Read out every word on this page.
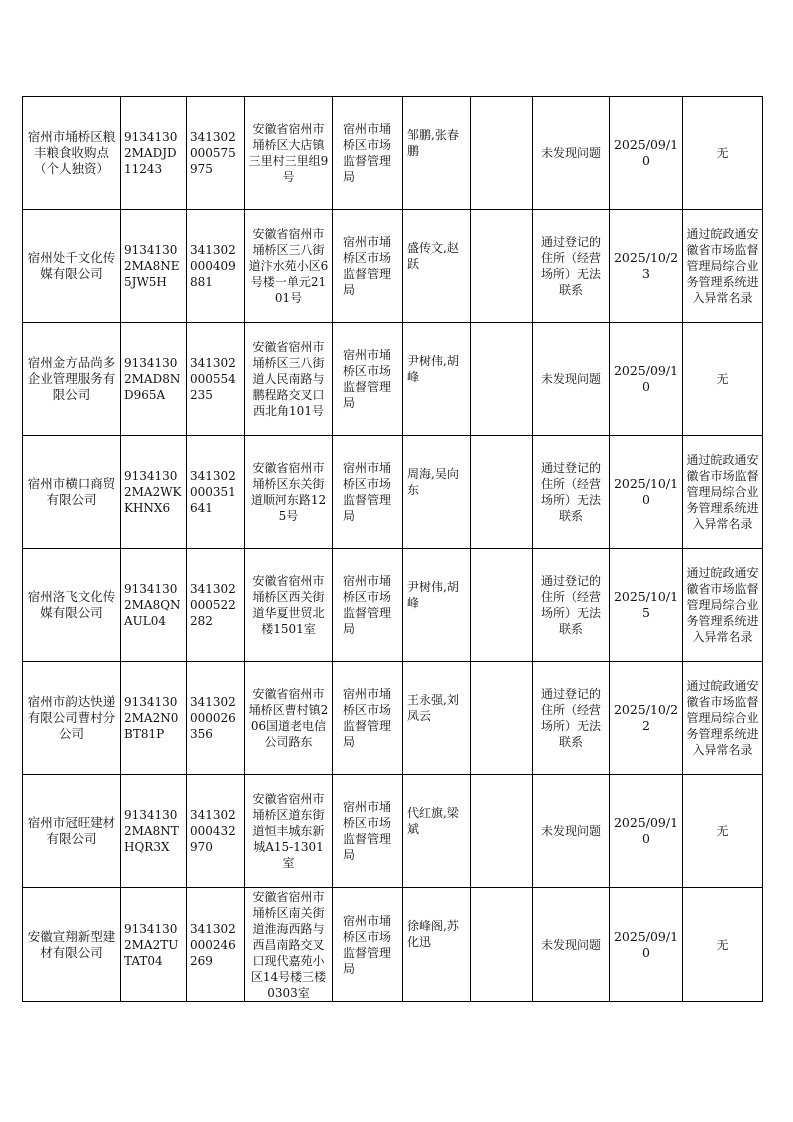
宿州市埇桥区粮丰粮食收购点（个人独资）	91341302MADJD11243	341302000575975	安徽省宿州市埇桥区大店镇三里村三里组9号	宿州市埇桥区市场监督管理局	邹鹏,张春鹏		未发现问题	2025/09/10	无
宿州处千文化传媒有限公司	91341302MA8NE5JW5H	341302000409881	安徽省宿州市埇桥区三八街道汴水苑小区6号楼一单元2101号	宿州市埇桥区市场监督管理局	盛传文,赵跃		通过登记的住所（经营场所）无法联系	2025/10/23	通过皖政通安徽省市场监督管理局综合业务管理系统进入异常名录
宿州金方品尚多企业管理服务有限公司	91341302MAD8ND965A	341302000554235	安徽省宿州市埇桥区三八街道人民南路与鹏程路交叉口西北角101号	宿州市埇桥区市场监督管理局	尹树伟,胡峰		未发现问题	2025/09/10	无
宿州市横口商贸有限公司	91341302MA2WKKHNX6	341302000351641	安徽省宿州市埇桥区东关街道顺河东路125号	宿州市埇桥区市场监督管理局	周海,吴向东		通过登记的住所（经营场所）无法联系	2025/10/10	通过皖政通安徽省市场监督管理局综合业务管理系统进入异常名录
宿州洛飞文化传媒有限公司	91341302MA8QNAUL04	341302000522282	安徽省宿州市埇桥区西关街道华夏世贸北楼1501室	宿州市埇桥区市场监督管理局	尹树伟,胡峰		通过登记的住所（经营场所）无法联系	2025/10/15	通过皖政通安徽省市场监督管理局综合业务管理系统进入异常名录
宿州市韵达快递有限公司曹村分公司	91341302MA2N0BT81P	341302000026356	安徽省宿州市埇桥区曹村镇206国道老电信公司路东	宿州市埇桥区市场监督管理局	王永强,刘凤云		通过登记的住所（经营场所）无法联系	2025/10/22	通过皖政通安徽省市场监督管理局综合业务管理系统进入异常名录
宿州市冠旺建材有限公司	91341302MA8NTHQR3X	341302000432970	安徽省宿州市埇桥区道东街道恒丰城东新城A15-1301室	宿州市埇桥区市场监督管理局	代红旗,梁斌		未发现问题	2025/09/10	无
安徽宣翔新型建材有限公司	91341302MA2TUTAT04	341302000246269	安徽省宿州市埇桥区南关街道淮海西路与西昌南路交叉口现代嘉苑小区14号楼三楼0303室	宿州市埇桥区市场监督管理局	徐峰阁,苏化迅		未发现问题	2025/09/10	无
